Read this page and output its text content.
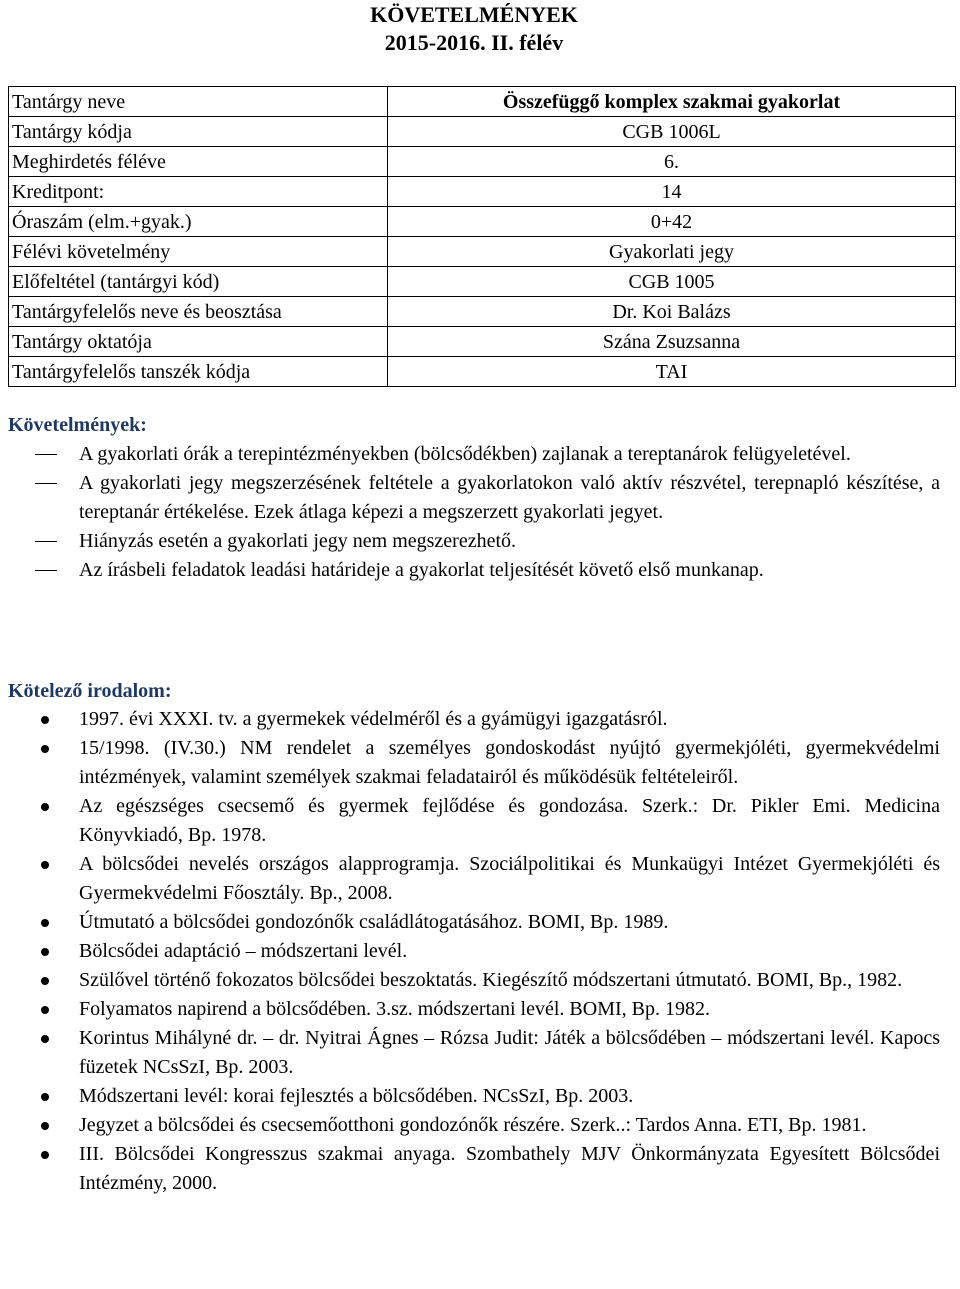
KÖVETELMÉNYEK
2015-2016. II. félév
Tantárgy neve	Összefüggő komplex szakmai gyakorlat
Tantárgy kódja	CGB 1006L
Meghirdetés féléve	6.
Kreditpont:	14
Óraszám (elm.+gyak.)	0+42
Félévi követelmény	Gyakorlati jegy
Előfeltétel (tantárgyi kód)	CGB 1005
Tantárgyfelelős neve és beosztása	Dr. Koi Balázs
Tantárgy oktatója	Szána Zsuzsanna
Tantárgyfelelős tanszék kódja	TAI
Követelmények:
A gyakorlati órák a terepintézményekben (bölcsődékben) zajlanak a tereptanárok felügyeletével.
A gyakorlati jegy megszerzésének feltétele a gyakorlatokon való aktív részvétel, terepnapló készítése, a tereptanár értékelése. Ezek átlaga képezi a megszerzett gyakorlati jegyet.
Hiányzás esetén a gyakorlati jegy nem megszerezhető.
Az írásbeli feladatok leadási határideje a gyakorlat teljesítését követő első munkanap.
Kötelező irodalom:
1997. évi XXXI. tv. a gyermekek védelméről és a gyámügyi igazgatásról.
15/1998. (IV.30.) NM rendelet a személyes gondoskodást nyújtó gyermekjóléti, gyermekvédelmi intézmények, valamint személyek szakmai feladatairól és működésük feltételeiről.
Az egészséges csecsemő és gyermek fejlődése és gondozása. Szerk.: Dr. Pikler Emi. Medicina Könyvkiadó, Bp. 1978.
A bölcsődei nevelés országos alapprogramja. Szociálpolitikai és Munkaügyi Intézet Gyermekjóléti és Gyermekvédelmi Főosztály. Bp., 2008.
Útmutató a bölcsődei gondozónők családlátogatásához. BOMI, Bp. 1989.
Bölcsődei adaptáció – módszertani levél.
Szülővel történő fokozatos bölcsődei beszoktatás. Kiegészítő módszertani útmutató. BOMI, Bp., 1982.
Folyamatos napirend a bölcsődében. 3.sz. módszertani levél. BOMI, Bp. 1982.
Korintus Mihályné dr. – dr. Nyitrai Ágnes – Rózsa Judit: Játék a bölcsődében – módszertani levél. Kapocs füzetek NCsSzI, Bp. 2003.
Módszertani levél: korai fejlesztés a bölcsődében. NCsSzI, Bp. 2003.
Jegyzet a bölcsődei és csecsemőotthoni gondozónők részére. Szerk..: Tardos Anna. ETI, Bp. 1981.
III. Bölcsődei Kongresszus szakmai anyaga. Szombathely MJV Önkormányzata Egyesített Bölcsődei Intézmény, 2000.
